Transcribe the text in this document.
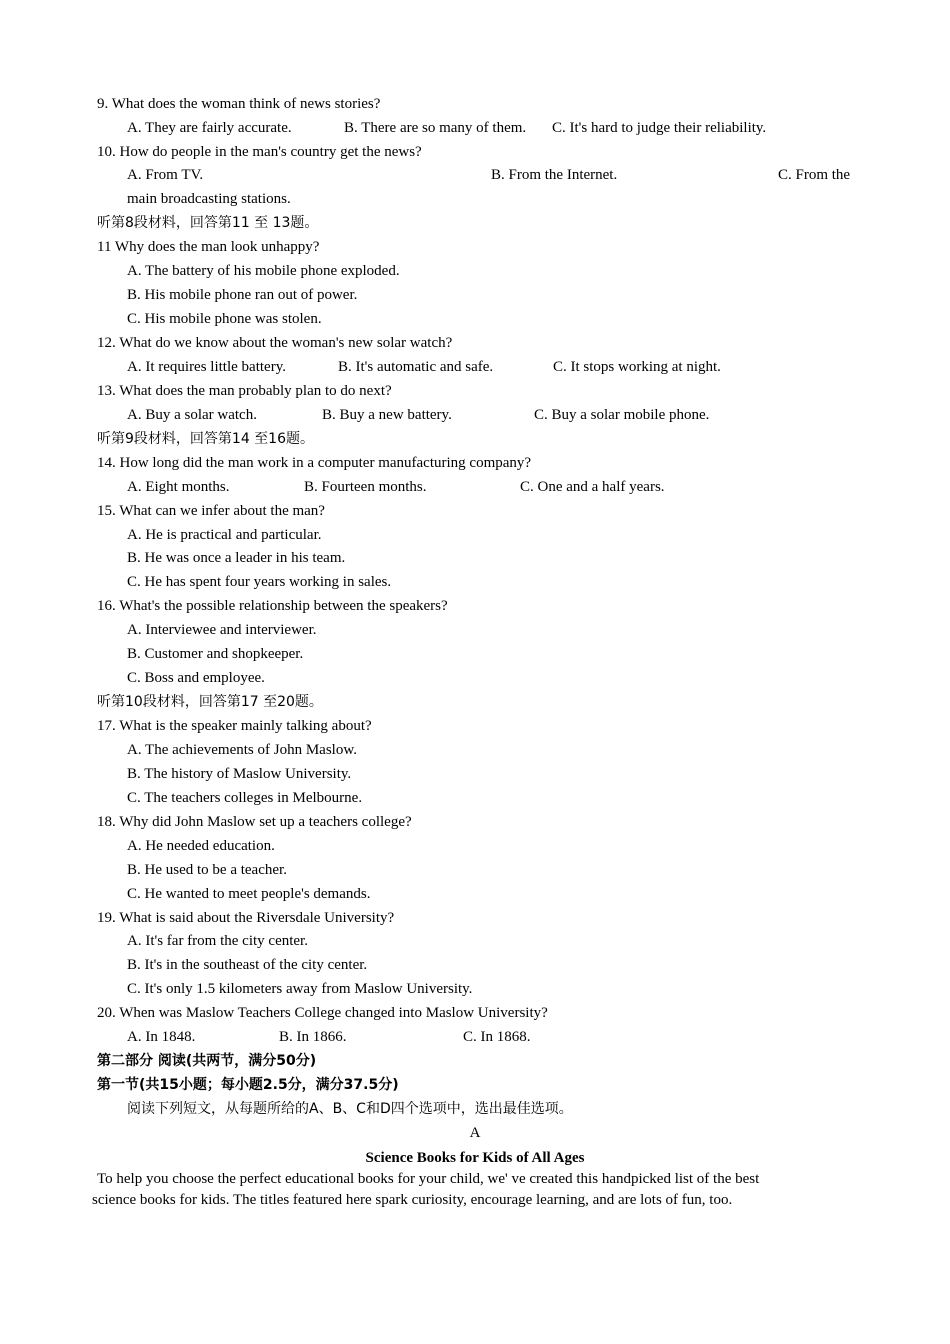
9. What does the woman think of news stories?
A. They are fairly accurate.	B. There are so many of them. C. It's hard to judge their reliability.
10. How do people in the man's country get the news?
A. From TV.	B. From the Internet.	C. From the
main broadcasting stations.
听第8段材料，回答第11 至 13题。
11 Why does the man look unhappy?
A. The battery of his mobile phone exploded.
B. His mobile phone ran out of power.
C. His mobile phone was stolen.
12. What do we know about the woman's new solar watch?
A. It requires little battery.	B. It's automatic and safe.	C. It stops working at night.
13. What does the man probably plan to do next?
A. Buy a solar watch.	B. Buy a new battery.	C. Buy a solar mobile phone.
听第9段材料，回答第14 至16题。
14. How long did the man work in a computer manufacturing company?
A. Eight months.	B. Fourteen months.	C. One and a half years.
15. What can we infer about the man?
A. He is practical and particular.
B. He was once a leader in his team.
C. He has spent four years working in sales.
16. What's the possible relationship between the speakers?
A. Interviewee and interviewer.
B. Customer and shopkeeper.
C. Boss and employee.
听第10段材料，回答第17 至20题。
17. What is the speaker mainly talking about?
A. The achievements of John Maslow.
B. The history of Maslow University.
C. The teachers colleges in Melbourne.
18. Why did John Maslow set up a teachers college?
A. He needed education.
B. He used to be a teacher.
C. He wanted to meet people's demands.
19. What is said about the Riversdale University?
A. It's far from the city center.
B. It's in the southeast of the city center.
C. It's only 1.5 kilometers away from Maslow University.
20. When was Maslow Teachers College changed into Maslow University?
A. In 1848.	B. In 1866.	C. In 1868.
第二部分 阅读(共两节，满分50分)
第一节(共15小题；每小题2.5分，满分37.5分)
阅读下列短文，从每题所给的A、B、C和D四个选项中，选出最佳选项。
A
Science Books for Kids of All Ages
To help you choose the perfect educational books for your child, we' ve created this handpicked list of the best
science books for kids. The titles featured here spark curiosity, encourage learning, and are lots of fun, too.
